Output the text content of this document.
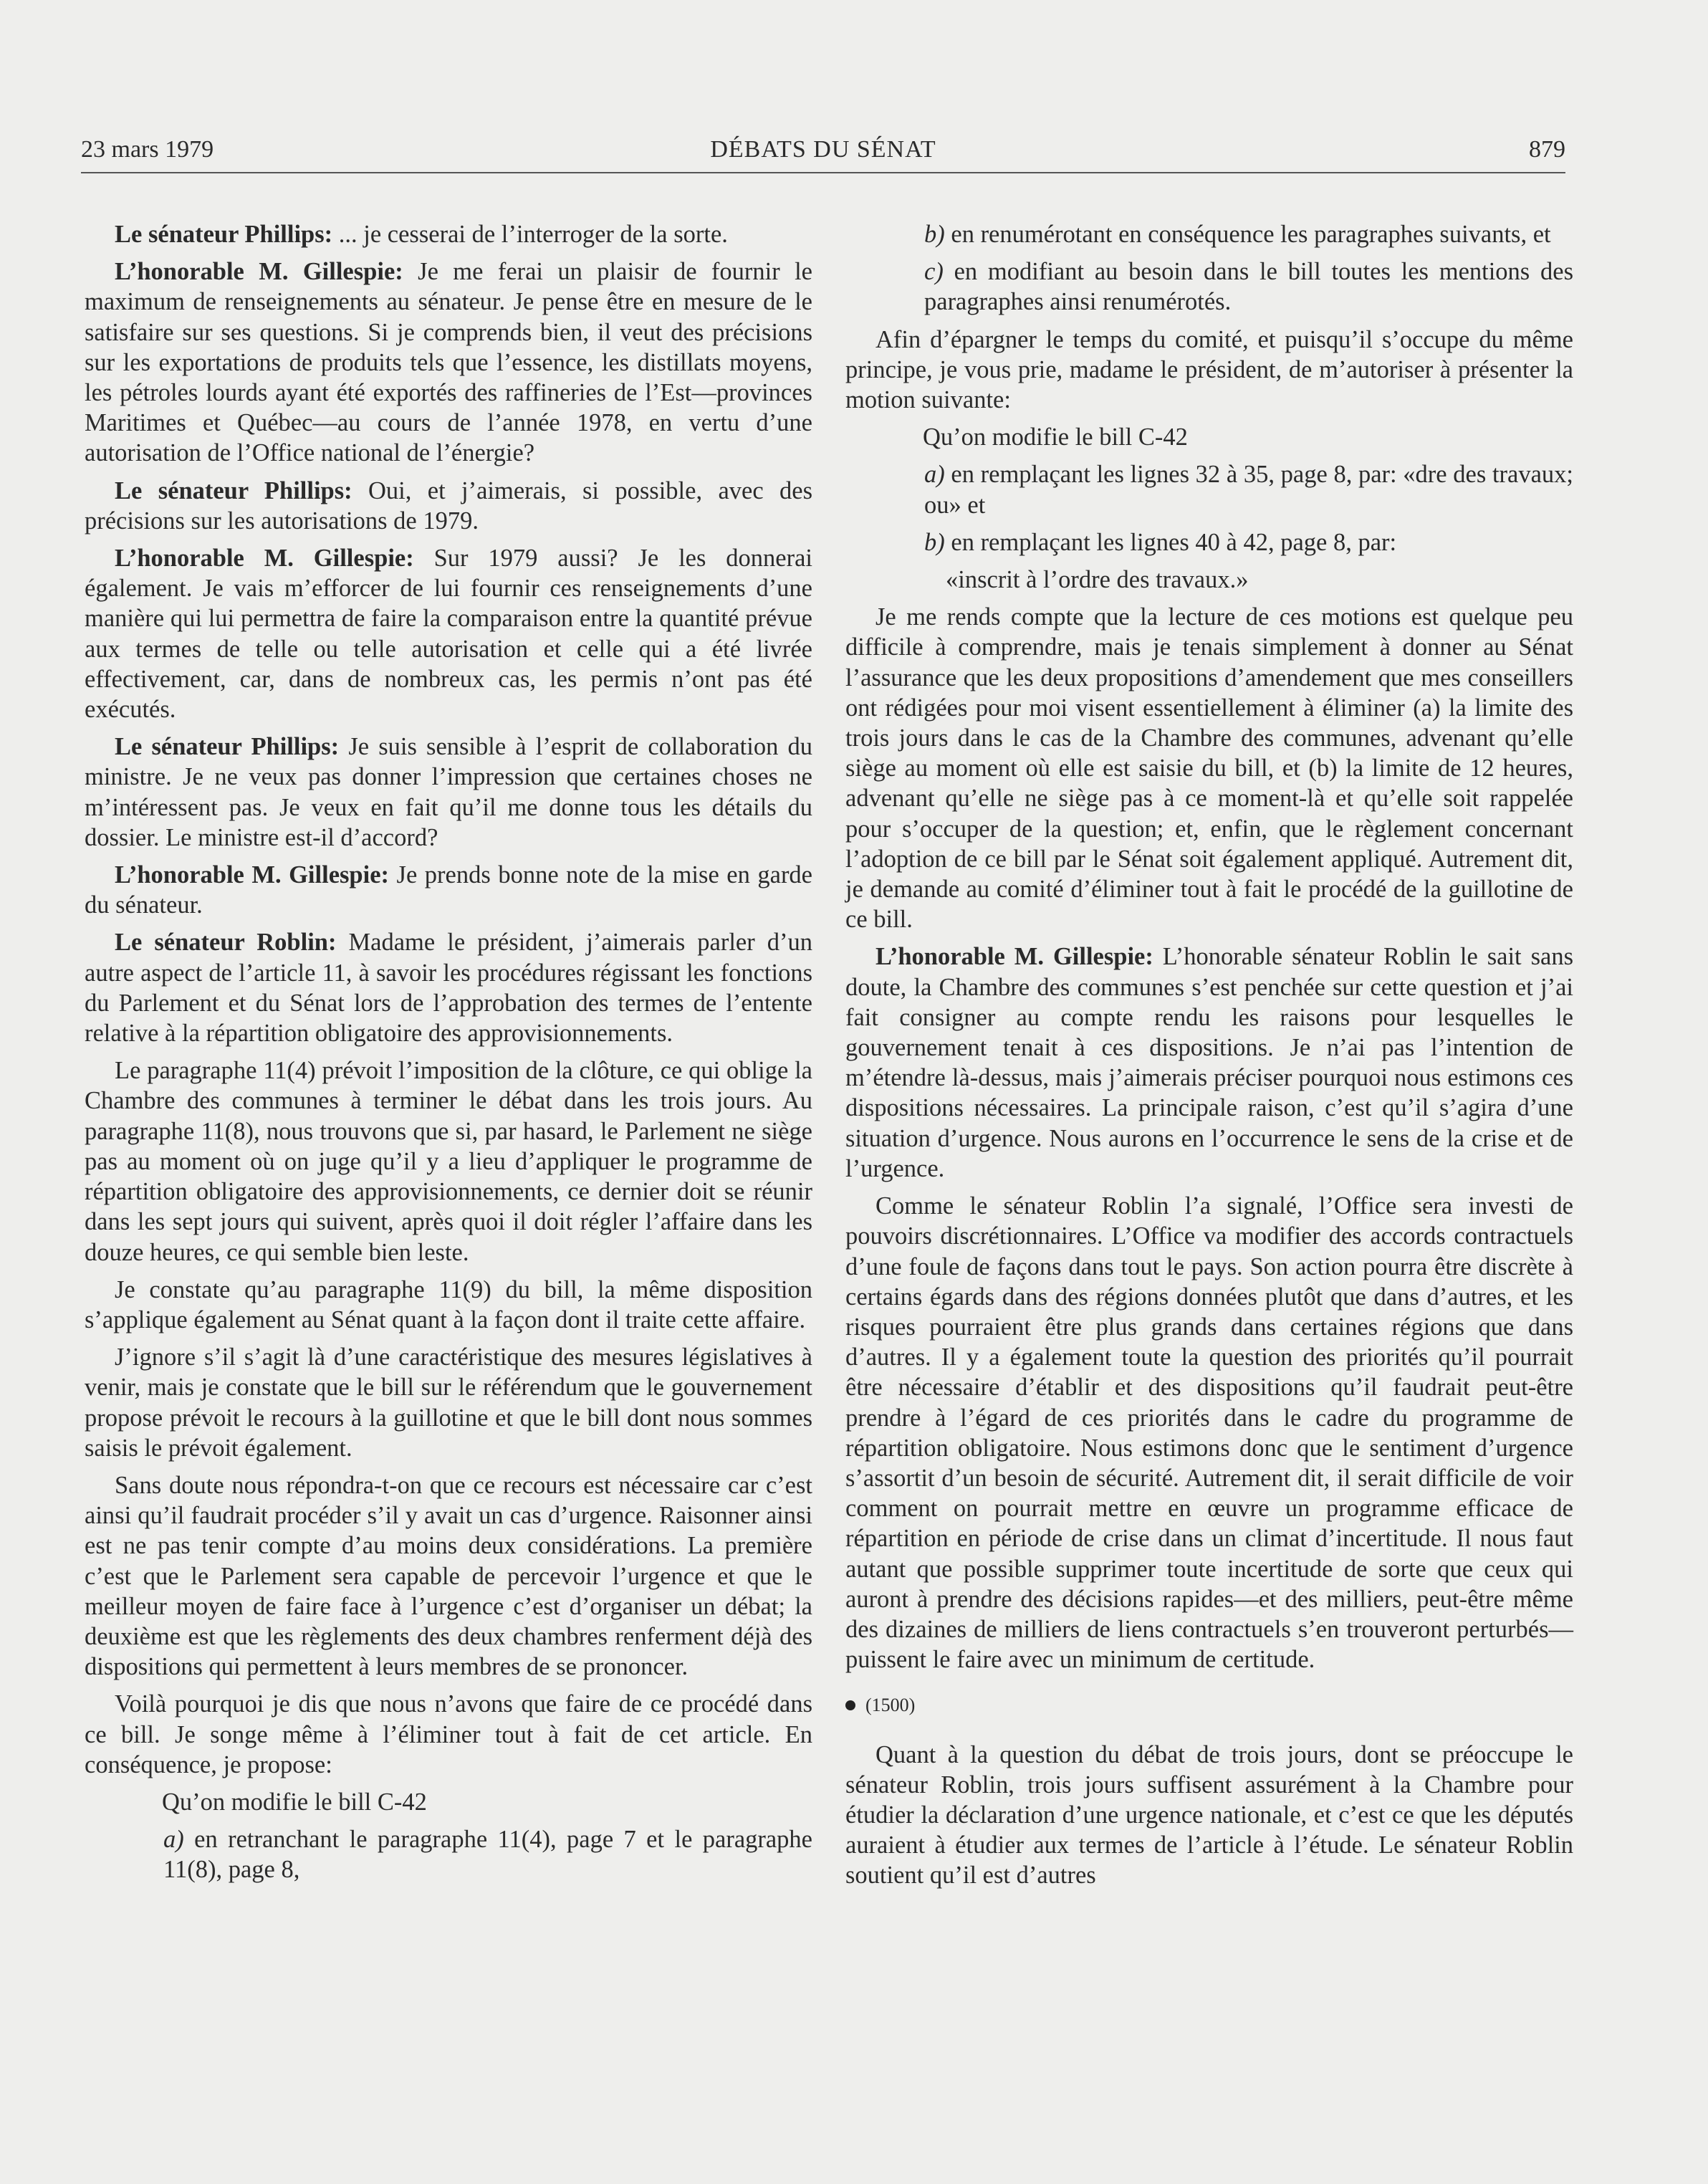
23 mars 1979	DÉBATS DU SÉNAT	879

Le sénateur Phillips: ... je cesserai de l’interroger de la sorte.

L’honorable M. Gillespie: Je me ferai un plaisir de fournir le maximum de renseignements au sénateur. Je pense être en mesure de le satisfaire sur ses questions. Si je comprends bien, il veut des précisions sur les exportations de produits tels que l’essence, les distillats moyens, les pétroles lourds ayant été exportés des raffineries de l’Est—provinces Maritimes et Québec—au cours de l’année 1978, en vertu d’une autorisation de l’Office national de l’énergie?

Le sénateur Phillips: Oui, et j’aimerais, si possible, avec des précisions sur les autorisations de 1979.

L’honorable M. Gillespie: Sur 1979 aussi? Je les donnerai également. Je vais m’efforcer de lui fournir ces renseignements d’une manière qui lui permettra de faire la comparaison entre la quantité prévue aux termes de telle ou telle autorisation et celle qui a été livrée effectivement, car, dans de nombreux cas, les permis n’ont pas été exécutés.

Le sénateur Phillips: Je suis sensible à l’esprit de collaboration du ministre. Je ne veux pas donner l’impression que certaines choses ne m’intéressent pas. Je veux en fait qu’il me donne tous les détails du dossier. Le ministre est-il d’accord?

L’honorable M. Gillespie: Je prends bonne note de la mise en garde du sénateur.

Le sénateur Roblin: Madame le président, j’aimerais parler d’un autre aspect de l’article 11, à savoir les procédures régissant les fonctions du Parlement et du Sénat lors de l’approbation des termes de l’entente relative à la répartition obligatoire des approvisionnements.

Le paragraphe 11(4) prévoit l’imposition de la clôture, ce qui oblige la Chambre des communes à terminer le débat dans les trois jours. Au paragraphe 11(8), nous trouvons que si, par hasard, le Parlement ne siège pas au moment où on juge qu’il y a lieu d’appliquer le programme de répartition obligatoire des approvisionnements, ce dernier doit se réunir dans les sept jours qui suivent, après quoi il doit régler l’affaire dans les douze heures, ce qui semble bien leste.

Je constate qu’au paragraphe 11(9) du bill, la même disposition s’applique également au Sénat quant à la façon dont il traite cette affaire.

J’ignore s’il s’agit là d’une caractéristique des mesures législatives à venir, mais je constate que le bill sur le référendum que le gouvernement propose prévoit le recours à la guillotine et que le bill dont nous sommes saisis le prévoit également.

Sans doute nous répondra-t-on que ce recours est nécessaire car c’est ainsi qu’il faudrait procéder s’il y avait un cas d’urgence. Raisonner ainsi est ne pas tenir compte d’au moins deux considérations. La première c’est que le Parlement sera capable de percevoir l’urgence et que le meilleur moyen de faire face à l’urgence c’est d’organiser un débat; la deuxième est que les règlements des deux chambres renferment déjà des dispositions qui permettent à leurs membres de se prononcer.

Voilà pourquoi je dis que nous n’avons que faire de ce procédé dans ce bill. Je songe même à l’éliminer tout à fait de cet article. En conséquence, je propose:

Qu’on modifie le bill C-42

a) en retranchant le paragraphe 11(4), page 7 et le paragraphe 11(8), page 8,

b) en renumérotant en conséquence les paragraphes suivants, et

c) en modifiant au besoin dans le bill toutes les mentions des paragraphes ainsi renumérotés.

Afin d’épargner le temps du comité, et puisqu’il s’occupe du même principe, je vous prie, madame le président, de m’autoriser à présenter la motion suivante:

Qu’on modifie le bill C-42

a) en remplaçant les lignes 32 à 35, page 8, par: «dre des travaux; ou» et

b) en remplaçant les lignes 40 à 42, page 8, par:

«inscrit à l’ordre des travaux.»

Je me rends compte que la lecture de ces motions est quelque peu difficile à comprendre, mais je tenais simplement à donner au Sénat l’assurance que les deux propositions d’amendement que mes conseillers ont rédigées pour moi visent essentiellement à éliminer (a) la limite des trois jours dans le cas de la Chambre des communes, advenant qu’elle siège au moment où elle est saisie du bill, et (b) la limite de 12 heures, advenant qu’elle ne siège pas à ce moment-là et qu’elle soit rappelée pour s’occuper de la question; et, enfin, que le règlement concernant l’adoption de ce bill par le Sénat soit également appliqué. Autrement dit, je demande au comité d’éliminer tout à fait le procédé de la guillotine de ce bill.

L’honorable M. Gillespie: L’honorable sénateur Roblin le sait sans doute, la Chambre des communes s’est penchée sur cette question et j’ai fait consigner au compte rendu les raisons pour lesquelles le gouvernement tenait à ces dispositions. Je n’ai pas l’intention de m’étendre là-dessus, mais j’aimerais préciser pourquoi nous estimons ces dispositions nécessaires. La principale raison, c’est qu’il s’agira d’une situation d’urgence. Nous aurons en l’occurrence le sens de la crise et de l’urgence.

Comme le sénateur Roblin l’a signalé, l’Office sera investi de pouvoirs discrétionnaires. L’Office va modifier des accords contractuels d’une foule de façons dans tout le pays. Son action pourra être discrète à certains égards dans des régions données plutôt que dans d’autres, et les risques pourraient être plus grands dans certaines régions que dans d’autres. Il y a également toute la question des priorités qu’il pourrait être nécessaire d’établir et des dispositions qu’il faudrait peut-être prendre à l’égard de ces priorités dans le cadre du programme de répartition obligatoire. Nous estimons donc que le sentiment d’urgence s’assortit d’un besoin de sécurité. Autrement dit, il serait difficile de voir comment on pourrait mettre en œuvre un programme efficace de répartition en période de crise dans un climat d’incertitude. Il nous faut autant que possible supprimer toute incertitude de sorte que ceux qui auront à prendre des décisions rapides—et des milliers, peut-être même des dizaines de milliers de liens contractuels s’en trouveront perturbés—puissent le faire avec un minimum de certitude.

(1500)

Quant à la question du débat de trois jours, dont se préoccupe le sénateur Roblin, trois jours suffisent assurément à la Chambre pour étudier la déclaration d’une urgence nationale, et c’est ce que les députés auraient à étudier aux termes de l’article à l’étude. Le sénateur Roblin soutient qu’il est d’autres
